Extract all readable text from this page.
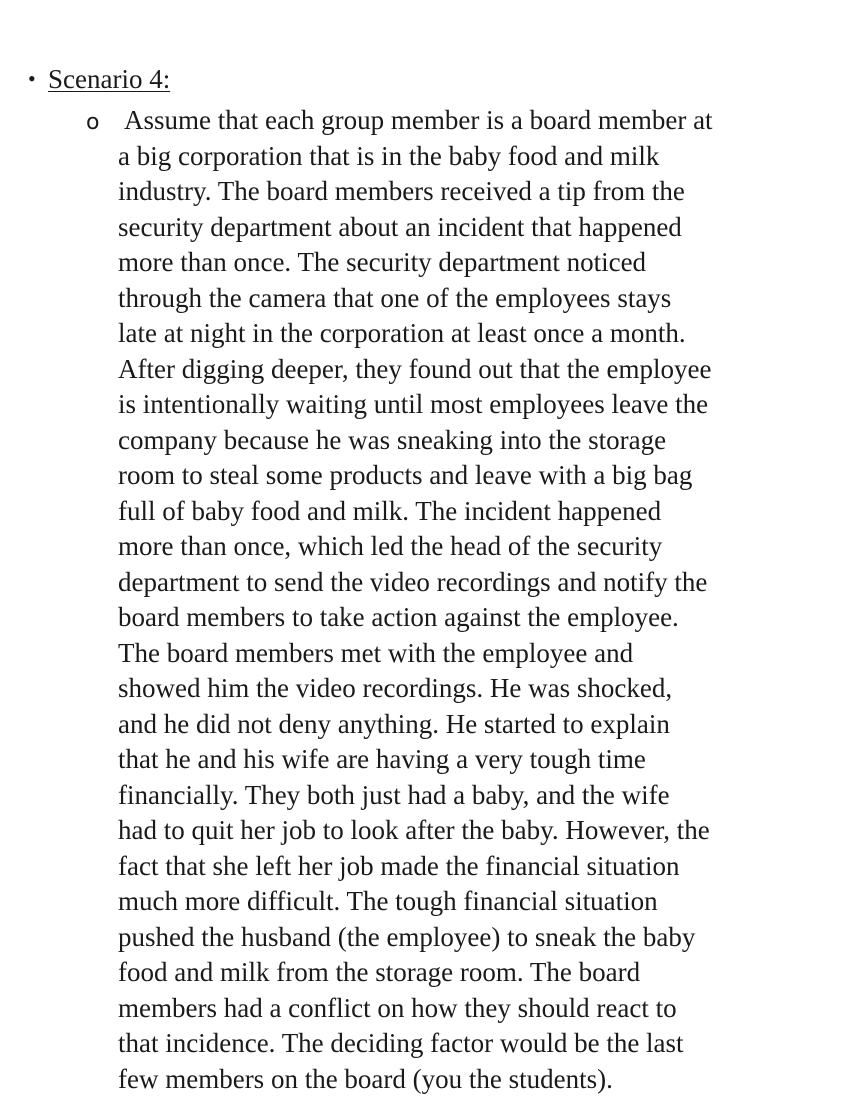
• Scenario 4:
o Assume that each group member is a board member at
a big corporation that is in the baby food and milk
industry. The board members received a tip from the
security department about an incident that happened
more than once. The security department noticed
through the camera that one of the employees stays
late at night in the corporation at least once a month.
After digging deeper, they found out that the employee
is intentionally waiting until most employees leave the
company because he was sneaking into the storage
room to steal some products and leave with a big bag
full of baby food and milk. The incident happened
more than once, which led the head of the security
department to send the video recordings and notify the
board members to take action against the employee.
The board members met with the employee and
showed him the video recordings. He was shocked,
and he did not deny anything. He started to explain
that he and his wife are having a very tough time
financially. They both just had a baby, and the wife
had to quit her job to look after the baby. However, the
fact that she left her job made the financial situation
much more difficult. The tough financial situation
pushed the husband (the employee) to sneak the baby
food and milk from the storage room. The board
members had a conflict on how they should react to
that incidence. The deciding factor would be the last
few members on the board (you the students).
